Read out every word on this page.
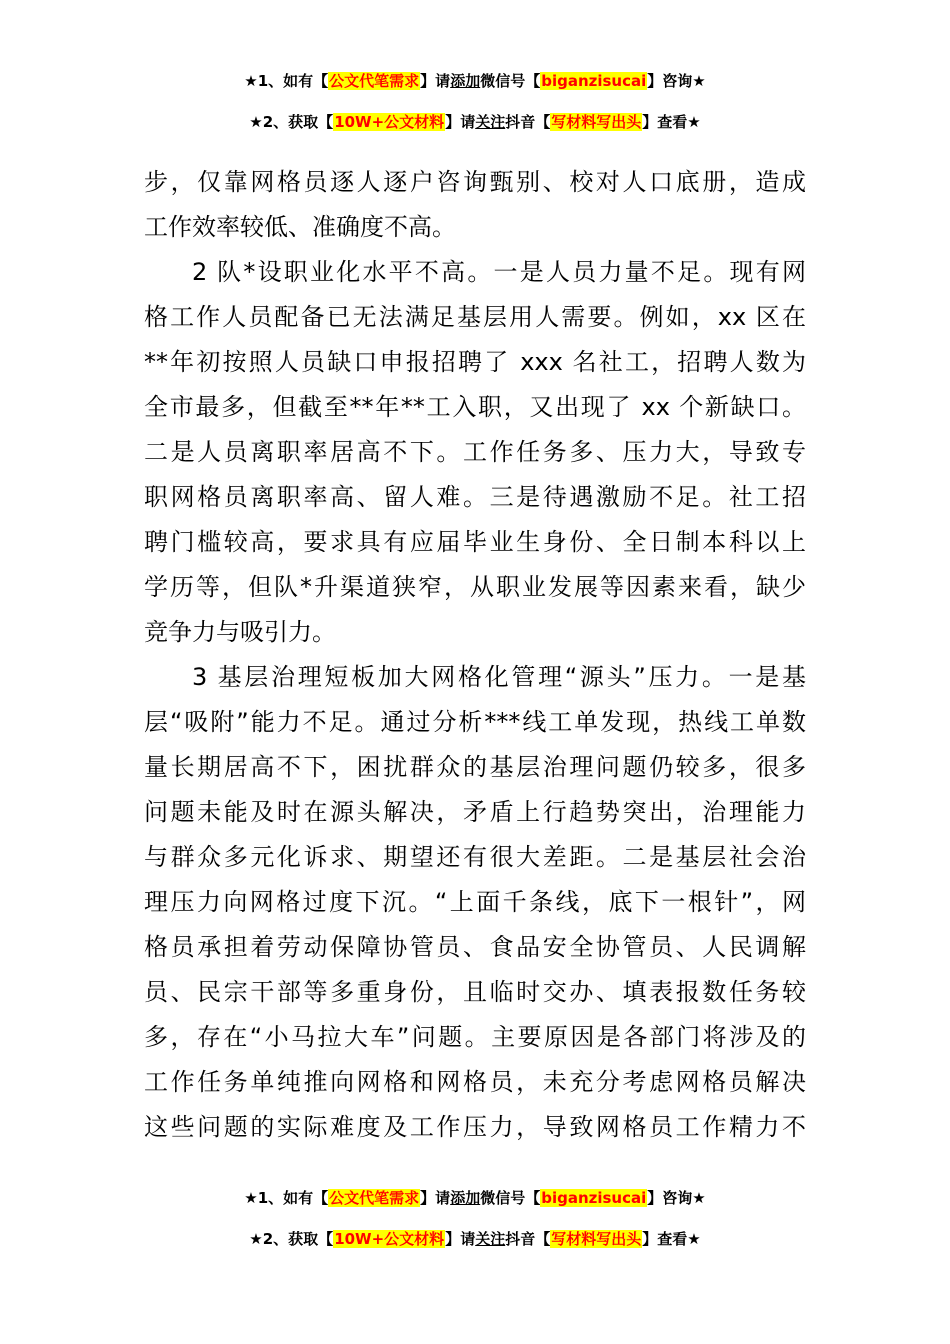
★1、如有【公文代笔需求】请添加微信号【biganzisucai】咨询★
★2、获取【10W+公文材料】请关注抖音【写材料写出头】查看★
步，仅靠网格员逐人逐户咨询甄别、校对人口底册，造成
工作效率较低、准确度不高。
2 队*设职业化水平不高。一是人员力量不足。现有网
格工作人员配备已无法满足基层用人需要。例如，xx 区在
**年初按照人员缺口申报招聘了 xxx 名社工，招聘人数为
全市最多，但截至**年**工入职，又出现了 xx 个新缺口。
二是人员离职率居高不下。工作任务多、压力大，导致专
职网格员离职率高、留人难。三是待遇激励不足。社工招
聘门槛较高，要求具有应届毕业生身份、全日制本科以上
学历等，但队*升渠道狭窄，从职业发展等因素来看，缺少
竞争力与吸引力。
3 基层治理短板加大网格化管理“源头”压力。一是基
层“吸附”能力不足。通过分析***线工单发现，热线工单数
量长期居高不下，困扰群众的基层治理问题仍较多，很多
问题未能及时在源头解决，矛盾上行趋势突出，治理能力
与群众多元化诉求、期望还有很大差距。二是基层社会治
理压力向网格过度下沉。“上面千条线，底下一根针”，网
格员承担着劳动保障协管员、食品安全协管员、人民调解
员、民宗干部等多重身份，且临时交办、填表报数任务较
多，存在“小马拉大车”问题。主要原因是各部门将涉及的
工作任务单纯推向网格和网格员，未充分考虑网格员解决
这些问题的实际难度及工作压力，导致网格员工作精力不
★1、如有【公文代笔需求】请添加微信号【biganzisucai】咨询★
★2、获取【10W+公文材料】请关注抖音【写材料写出头】查看★
